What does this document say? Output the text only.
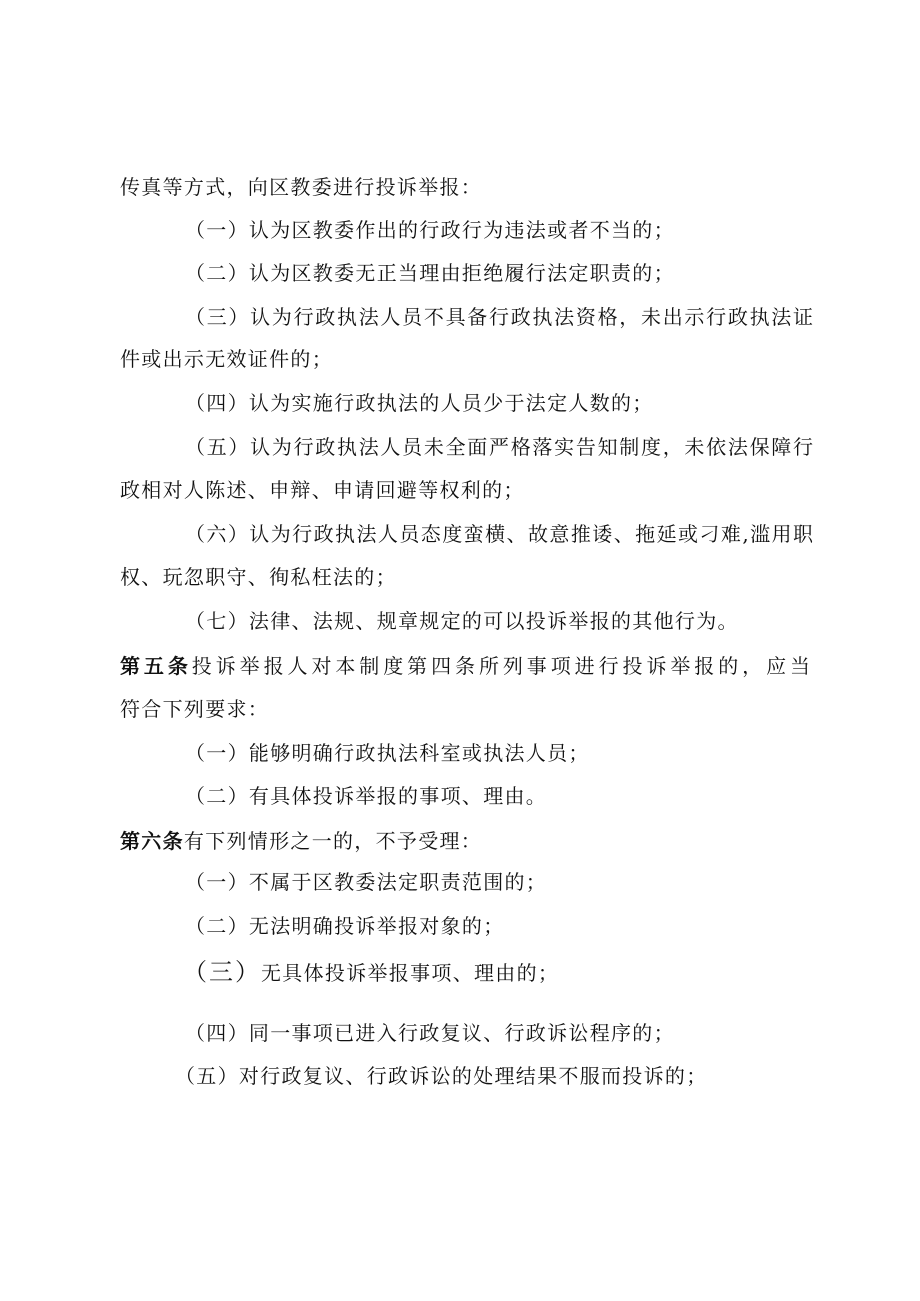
传真等方式，向区教委进行投诉举报：
（一）认为区教委作出的行政行为违法或者不当的；
（二）认为区教委无正当理由拒绝履行法定职责的；
（三）认为行政执法人员不具备行政执法资格，未出示行政执法证
件或出示无效证件的；
（四）认为实施行政执法的人员少于法定人数的；
（五）认为行政执法人员未全面严格落实告知制度，未依法保障行
政相对人陈述、申辩、申请回避等权利的；
（六）认为行政执法人员态度蛮横、故意推诿、拖延或刁难,滥用职
权、玩忽职守、徇私枉法的；
（七）法律、法规、规章规定的可以投诉举报的其他行为。
第五条投诉举报人对本制度第四条所列事项进行投诉举报的，应当
符合下列要求：
（一）能够明确行政执法科室或执法人员；
（二）有具体投诉举报的事项、理由。
第六条有下列情形之一的，不予受理：
（一）不属于区教委法定职责范围的；
（二）无法明确投诉举报对象的；
（三）无具体投诉举报事项、理由的；
（四）同一事项已进入行政复议、行政诉讼程序的；
（五）对行政复议、行政诉讼的处理结果不服而投诉的；
